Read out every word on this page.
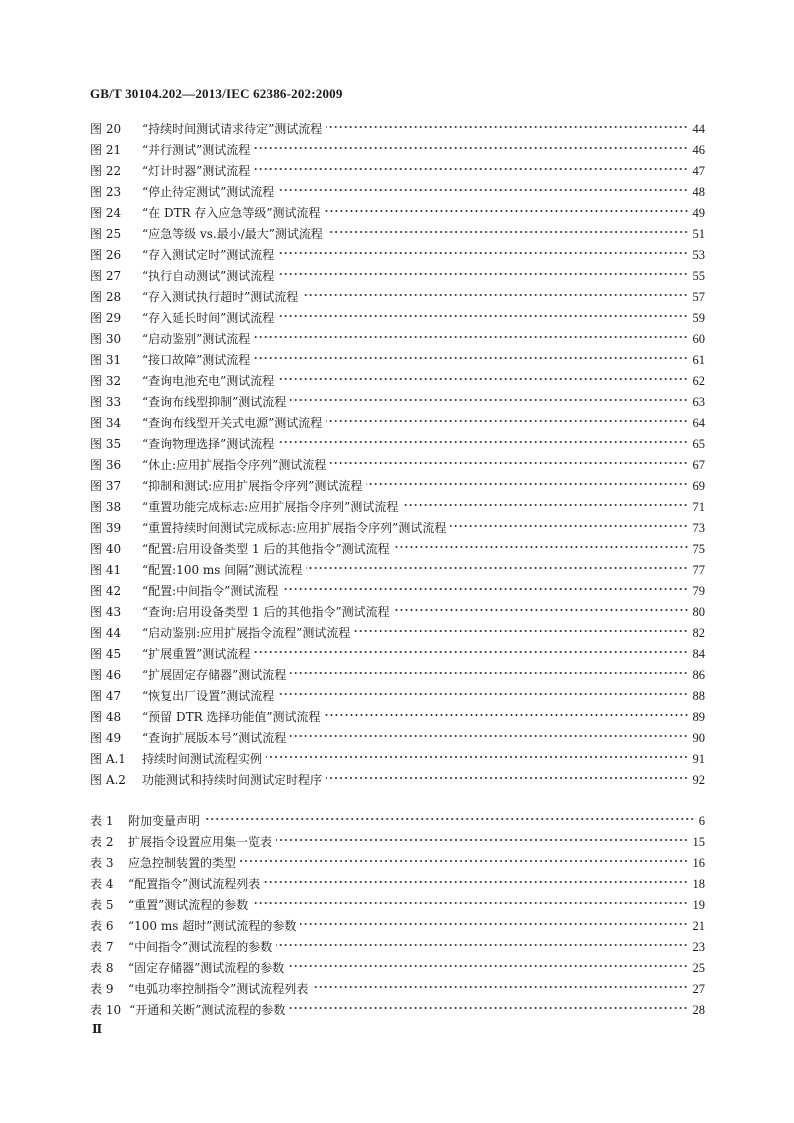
GB/T 30104.202—2013/IEC 62386-202:2009
图 20	“持续时间测试请求待定”测试流程	44
图 21	“并行测试”测试流程	46
图 22	“灯计时器”测试流程	47
图 23	“停止待定测试”测试流程	48
图 24	“在 DTR 存入应急等级”测试流程	49
图 25	“应急等级 vs.最小/最大”测试流程	51
图 26	“存入测试定时”测试流程	53
图 27	“执行自动测试”测试流程	55
图 28	“存入测试执行超时”测试流程	57
图 29	“存入延长时间”测试流程	59
图 30	“启动鉴别”测试流程	60
图 31	“接口故障”测试流程	61
图 32	“查询电池充电”测试流程	62
图 33	“查询布线型抑制”测试流程	63
图 34	“查询布线型开关式电源”测试流程	64
图 35	“查询物理选择”测试流程	65
图 36	“休止:应用扩展指令序列”测试流程	67
图 37	“抑制和测试:应用扩展指令序列”测试流程	69
图 38	“重置功能完成标志:应用扩展指令序列”测试流程	71
图 39	“重置持续时间测试完成标志:应用扩展指令序列”测试流程	73
图 40	“配置:启用设备类型 1 后的其他指令”测试流程	75
图 41	“配置:100 ms 间隔”测试流程	77
图 42	“配置:中间指令”测试流程	79
图 43	“查询:启用设备类型 1 后的其他指令”测试流程	80
图 44	“启动鉴别:应用扩展指令流程”测试流程	82
图 45	“扩展重置”测试流程	84
图 46	“扩展固定存储器”测试流程	86
图 47	“恢复出厂设置”测试流程	88
图 48	“预留 DTR 选择功能值”测试流程	89
图 49	“查询扩展版本号”测试流程	90
图 A.1	持续时间测试流程实例	91
图 A.2	功能测试和持续时间测试定时程序	92
表 1	附加变量声明	6
表 2	扩展指令设置应用集一览表	15
表 3	应急控制装置的类型	16
表 4	“配置指令”测试流程列表	18
表 5	“重置”测试流程的参数	19
表 6	“100 ms 超时”测试流程的参数	21
表 7	“中间指令”测试流程的参数	23
表 8	“固定存储器”测试流程的参数	25
表 9	“电弧功率控制指令”测试流程列表	27
表 10 “开通和关断”测试流程的参数	28
Ⅱ
